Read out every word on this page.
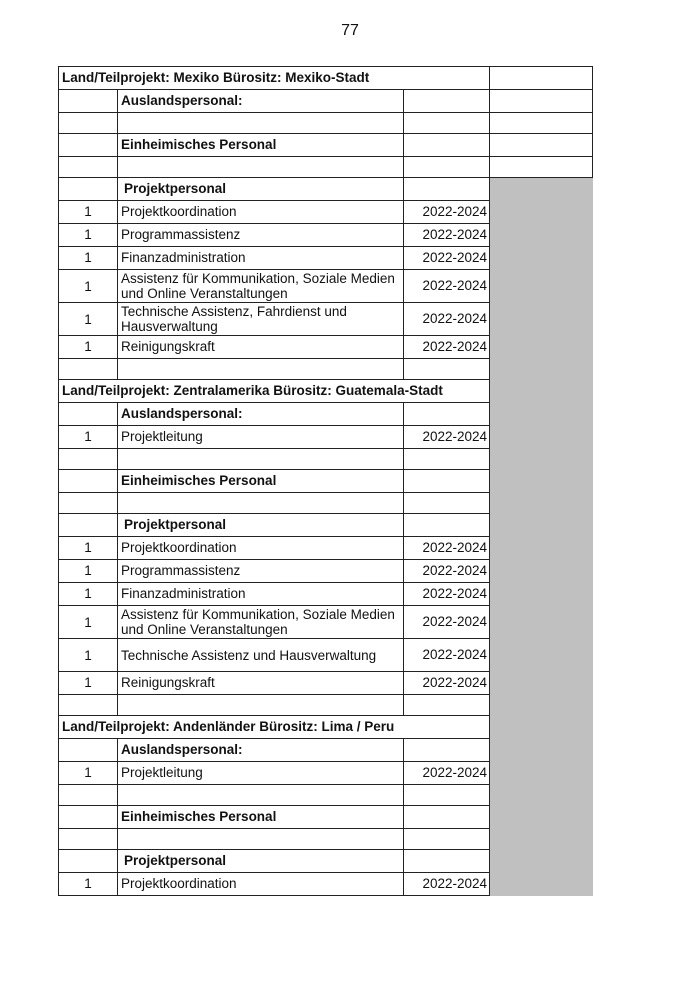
77
Land/Teilprojekt: Mexiko Bürositz: Mexiko-Stadt			
	Auslandspersonal:		

	Einheimisches Personal		

	Projektpersonal		
1	Projektkoordination	2022-2024	
1	Programmassistenz	2022-2024	
1	Finanzadministration	2022-2024	
1	Assistenz für Kommunikation, Soziale Medien und Online Veranstaltungen	2022-2024	
1	Technische Assistenz, Fahrdienst und Hausverwaltung	2022-2024	
1	Reinigungskraft	2022-2024	

Land/Teilprojekt: Zentralamerika Bürositz: Guatemala-Stadt			
	Auslandspersonal:		
1	Projektleitung	2022-2024	

	Einheimisches Personal		

	Projektpersonal		
1	Projektkoordination	2022-2024	
1	Programmassistenz	2022-2024	
1	Finanzadministration	2022-2024	
1	Assistenz für Kommunikation, Soziale Medien und Online Veranstaltungen	2022-2024	
1	Technische Assistenz und Hausverwaltung	2022-2024	
1	Reinigungskraft	2022-2024	

Land/Teilprojekt: Andenländer Bürositz: Lima / Peru			
	Auslandspersonal:		
1	Projektleitung	2022-2024	

	Einheimisches Personal		

	Projektpersonal		
1	Projektkoordination	2022-2024	
